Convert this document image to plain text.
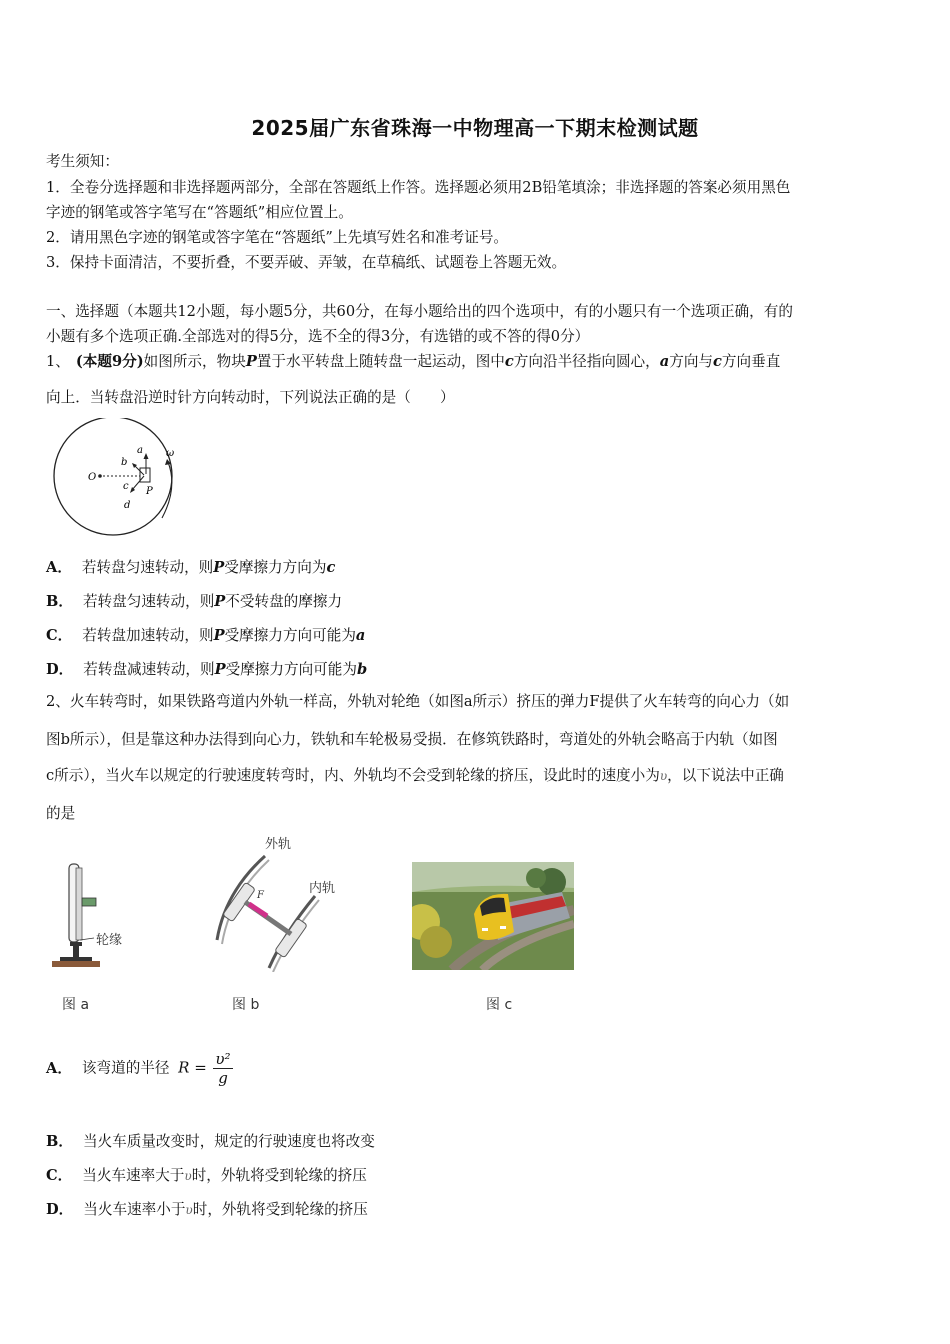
2025届广东省珠海一中物理高一下期末检测试题
考生须知：
1．全卷分选择题和非选择题两部分，全部在答题纸上作答。选择题必须用2B铅笔填涂；非选择题的答案必须用黑色
字迹的钢笔或答字笔写在“答题纸”相应位置上。
2．请用黑色字迹的钢笔或答字笔在“答题纸”上先填写姓名和准考证号。
3．保持卡面清洁，不要折叠，不要弄破、弄皱，在草稿纸、试题卷上答题无效。
一、选择题（本题共12小题，每小题5分，共60分，在每小题给出的四个选项中，有的小题只有一个选项正确，有的
小题有多个选项正确.全部选对的得5分，选不全的得3分，有选错的或不答的得0分）
1、 (本题9分)如图所示，物块P置于水平转盘上随转盘一起运动，图中c方向沿半径指向圆心，a方向与c方向垂直
向上．当转盘沿逆时针方向转动时，下列说法正确的是（　　）
O
a
b
c
d
P
ω
A． 若转盘匀速转动，则P受摩擦力方向为c
B． 若转盘匀速转动，则P不受转盘的摩擦力
C． 若转盘加速转动，则P受摩擦力方向可能为a
D． 若转盘减速转动，则P受摩擦力方向可能为b
2、火车转弯时，如果铁路弯道内外轨一样高，外轨对轮绝（如图a所示）挤压的弹力F提供了火车转弯的向心力（如
图b所示），但是靠这种办法得到向心力，铁轨和车轮极易受损．在修筑铁路时，弯道处的外轨会略高于内轨（如图
c所示），当火车以规定的行驶速度转弯时，内、外轨均不会受到轮缘的挤压，设此时的速度小为υ，以下说法中正确
的是
轮缘
外轨
内轨
F
图 a	图 b	图 c
A． 该弯道的半径 $R = \frac{\text{υ²}}{g}$
B． 当火车质量改变时，规定的行驶速度也将改变
C． 当火车速率大于υ时，外轨将受到轮缘的挤压
D． 当火车速率小于υ时，外轨将受到轮缘的挤压
